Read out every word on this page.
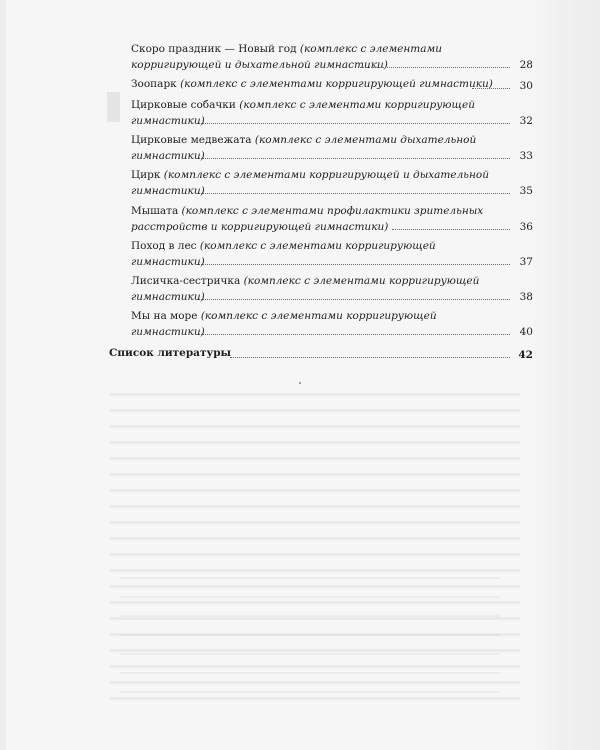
Скоро праздник — Новый год (комплекс с элементами
корригирующей и дыхательной гимнастики)	28
Зоопарк (комплекс с элементами корригирующей гимнастики)	30
Цирковые собачки (комплекс с элементами корригирующей
гимнастики)	32
Цирковые медвежата (комплекс с элементами дыхательной
гимнастики)	33
Цирк (комплекс с элементами корригирующей и дыхательной
гимнастики)	35
Мышата (комплекс с элементами профилактики зрительных
расстройств и корригирующей гимнастики)	36
Поход в лес (комплекс с элементами корригирующей
гимнастики)	37
Лисичка-сестричка (комплекс с элементами корригирующей
гимнастики)	38
Мы на море (комплекс с элементами корригирующей
гимнастики)	40
Список литературы	42
